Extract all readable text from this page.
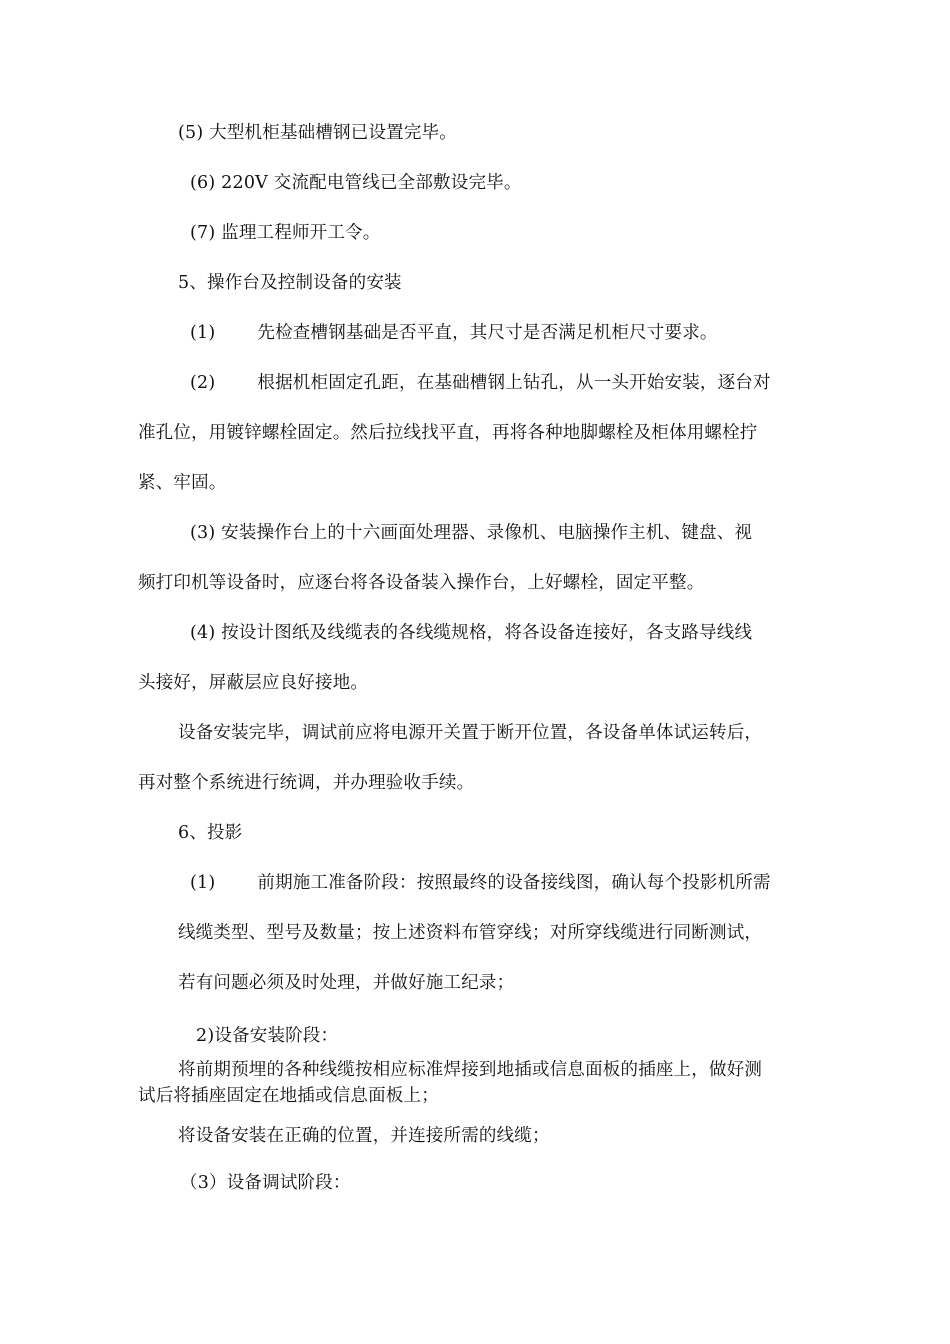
(5) 大型机柜基础槽钢已设置完毕。
(6) 220V 交流配电管线已全部敷设完毕。
(7) 监理工程师开工令。
5、操作台及控制设备的安装
(1) 先检查槽钢基础是否平直，其尺寸是否满足机柜尺寸要求。
(2) 根据机柜固定孔距，在基础槽钢上钻孔，从一头开始安装，逐台对
准孔位，用镀锌螺栓固定。然后拉线找平直，再将各种地脚螺栓及柜体用螺栓拧
紧、牢固。
(3) 安装操作台上的十六画面处理器、录像机、电脑操作主机、键盘、视
频打印机等设备时，应逐台将各设备装入操作台，上好螺栓，固定平整。
(4) 按设计图纸及线缆表的各线缆规格，将各设备连接好，各支路导线线
头接好，屏蔽层应良好接地。
设备安装完毕，调试前应将电源开关置于断开位置，各设备单体试运转后，
再对整个系统进行统调，并办理验收手续。
6、投影
(1) 前期施工准备阶段：按照最终的设备接线图，确认每个投影机所需
线缆类型、型号及数量；按上述资料布管穿线；对所穿线缆进行同断测试，
若有问题必须及时处理，并做好施工纪录；
2)设备安装阶段：
将前期预埋的各种线缆按相应标准焊接到地插或信息面板的插座上，做好测
试后将插座固定在地插或信息面板上；
将设备安装在正确的位置，并连接所需的线缆；
（3）设备调试阶段：
